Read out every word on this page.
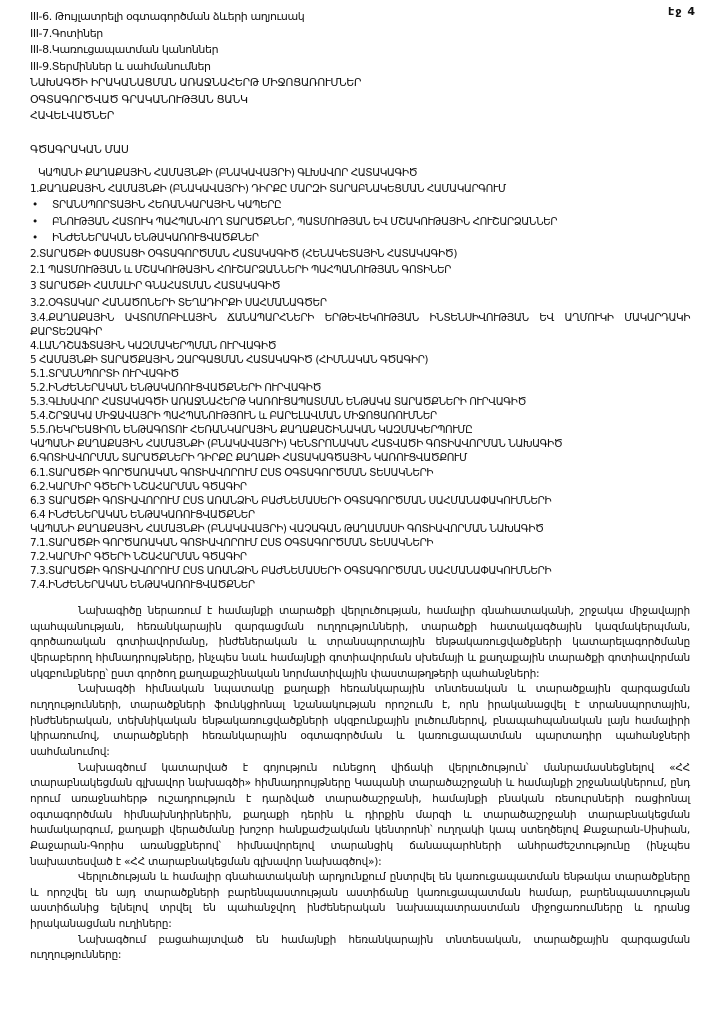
էջ 4
III-6. Թույլատրելի օգտագործման ձևերի աղյուսակ
III-7.Գոտիներ
III-8.Կառուցապատման կանոններ
III-9.Տերմիններ և սահմանումներ
ՆԱԽԱԳԾԻ ԻՐԱԿԱՆԱՑՄԱՆ ԱՌԱՋՆԱՀԵՐԹ ՄԻՋՈՑԱՌՈՒՄՆԵՐ
ՕԳՏԱԳՈՐԾՎԱԾ ԳՐԱԿԱՆՈՒԹՅԱՆ ՑԱՆԿ
ՀԱՎԵԼՎԱԾՆԵՐ
ԳԾԱԳՐԱԿԱՆ ՄԱՍ
ԿԱՊԱՆԻ ՔԱՂԱՔԱՅԻՆ ՀԱՄԱՅՆՔԻ (ԲՆԱԿԱՎԱՅՐԻ) ԳԼԽԱՎՈՐ ՀԱՏԱԿԱԳԻԾ
1.ՔԱՂԱՔԱՅԻՆ ՀԱՄԱՅՆՔԻ (ԲՆԱԿԱՎԱՅՐԻ) ԴԻՐՔԸ ՄԱՐԶԻ ՏԱՐԱԲՆԱԿԵՑՄԱՆ ՀԱՄԱԿԱՐԳՈՒՄ
• ՏՐԱՆՍՊՈՐՏԱՅԻՆ ՀԵՌԱՆԿԱՐԱՅԻՆ ԿԱՊԵՐԸ
• ԲՆՈՒԹՅԱՆ ՀԱՏՈՒԿ ՊԱՀՊԱՆՎՈՂ ՏԱՐԱԾՔՆԵՐ, ՊԱՏՄՈՒԹՅԱՆ ԵՎ ՄՇԱԿՈՒԹԱՅԻՆ ՀՈՒՇԱՐՁԱՆՆԵՐ
• ԻՆԺԵՆԵՐԱԿԱՆ ԵՆԹԱԿԱՌՈՒՑՎԱԾՔՆԵՐ
2.ՏԱՐԱԾՔԻ ՓԱՍՏԱՑԻ ՕԳՏԱԳՈՐԾՄԱՆ ՀԱՏԱԿԱԳԻԾ (ՀԵՆԱԿԵՏԱՅԻՆ ՀԱՏԱԿԱԳԻԾ)
2.1 ՊԱՏՄՈՒԹՅԱՆ և ՄՇԱԿՈՒԹԱՅԻՆ ՀՈՒՇԱՐՁԱՆՆԵՐԻ ՊԱՀՊԱՆՈՒԹՅԱՆ ԳՈՏԻՆԵՐ
3 ՏԱՐԱԾՔԻ ՀԱՄԱԼԻՐ ԳՆԱՀԱՏՄԱՆ ՀԱՏԱԿԱԳԻԾ
3.2.ՕԳՏԱԿԱՐ ՀԱՆԱԾՈՆԵՐԻ ՏԵՂԱԴԻՐՔԻ ՍԱՀՄԱՆԱԳԾԵՐ
3.4.ՔԱՂԱՔԱՅԻՆ ԱՎՏՈՄՈԲԻԼԱՅԻՆ ՃԱՆԱՊԱՐՀՆԵՐԻ ԵՐԹԵՎԵԿՈՒԹՅԱՆ ԻՆՏԵՆՍԻՎՈՒԹՅԱՆ ԵՎ ԱՂՄՈՒԿԻ ՄԱԿԱՐԴԱԿԻ
ՔԱՐՏԵԶԱԳԻՐ
4.ԼԱՆԴՇԱՖՏԱՅԻՆ ԿԱԶՄԱԿԵՐՊՄԱՆ ՈՒՐՎԱԳԻԾ
5 ՀԱՄԱՅՆՔԻ ՏԱՐԱԾՔԱՅԻՆ ԶԱՐԳԱՑՄԱՆ ՀԱՏԱԿԱԳԻԾ (ՀԻՄՆԱԿԱՆ ԳԾԱԳԻՐ)
5.1.ՏՐԱՆՍՊՈՐՏԻ ՈՒՐՎԱԳԻԾ
5.2.ԻՆԺԵՆԵՐԱԿԱՆ ԵՆԹԱԿԱՌՈՒՑՎԱԾՔՆԵՐԻ ՈՒՐՎԱԳԻԾ
5.3.ԳԼԽԱՎՈՐ ՀԱՏԱԿԱԳԾԻ ԱՌԱՋՆԱՀԵՐԹ ԿԱՌՈՒՑԱՊԱՏՄԱՆ ԵՆԹԱԿԱ ՏԱՐԱԾՔՆԵՐԻ ՈՒՐՎԱԳԻԾ
5.4.ՇՐՋԱԿԱ ՄԻՋԱՎԱՅՐԻ ՊԱՀՊԱՆՈՒԹՅՈՒՆ և ԲԱՐԵԼԱՎՄԱՆ ՄԻՋՈՑԱՌՈՒՄՆԵՐ
5.5.ՌԵԿՐԵԱՑԻՈՆ ԵՆԹԱԳՈՏՈՒ ՀԵՌԱՆԿԱՐԱՅԻՆ ՔԱՂԱՔԱՇԻՆԱԿԱՆ ԿԱԶՄԱԿԵՐՊՈՒՄԸ
ԿԱՊԱՆԻ ՔԱՂԱՔԱՅԻՆ ՀԱՄԱՅՆՔԻ (ԲՆԱԿԱՎԱՅՐԻ) ԿԵՆՏՐՈՆԱԿԱՆ ՀԱՏՎԱԾԻ ԳՈՏԻԱՎՈՐՄԱՆ ՆԱԽԱԳԻԾ
6.ԳՈՏԻԱՎՈՐՄԱՆ ՏԱՐԱԾՔՆԵՐԻ ԴԻՐՔԸ ՔԱՂԱՔԻ ՀԱՏԱԿԱԳԾԱՅԻՆ ԿԱՌՈՒՑՎԱԾՔՈՒՄ
6.1.ՏԱՐԱԾՔԻ ԳՈՐԾԱՌԱԿԱՆ ԳՈՏԻԱՎՈՐՈՒՄ ԸՍՏ ՕԳՏԱԳՈՐԾՄԱՆ ՏԵՍԱԿՆԵՐԻ
6.2.ԿԱՐՄԻՐ ԳԾԵՐԻ ՆՇԱՀԱՐՄԱՆ ԳԾԱԳԻՐ
6.3 ՏԱՐԱԾՔԻ ԳՈՏԻԱՎՈՐՈՒՄ ԸՍՏ ԱՌԱՆՁԻՆ ԲԱԺՆԵՄԱՍԵՐԻ ՕԳՏԱԳՈՐԾՄԱՆ ՍԱՀՄԱՆԱՓԱԿՈՒՄՆԵՐԻ
6.4 ԻՆԺԵՆԵՐԱԿԱՆ ԵՆԹԱԿԱՌՈՒՑՎԱԾՔՆԵՐ
ԿԱՊԱՆԻ ՔԱՂԱՔԱՅԻՆ ՀԱՄԱՅՆՔԻ (ԲՆԱԿԱՎԱՅՐԻ) ՎԱՉԱԳԱՆ ԹԱՂԱՄԱՍԻ ԳՈՏԻԱՎՈՐՄԱՆ ՆԱԽԱԳԻԾ
7.1.ՏԱՐԱԾՔԻ ԳՈՐԾԱՌԱԿԱՆ ԳՈՏԻԱՎՈՐՈՒՄ ԸՍՏ ՕԳՏԱԳՈՐԾՄԱՆ ՏԵՍԱԿՆԵՐԻ
7.2.ԿԱՐՄԻՐ ԳԾԵՐԻ ՆՇԱՀԱՐՄԱՆ ԳԾԱԳԻՐ
7.3.ՏԱՐԱԾՔԻ ԳՈՏԻԱՎՈՐՈՒՄ ԸՍՏ ԱՌԱՆՁԻՆ ԲԱԺՆԵՄԱՍԵՐԻ ՕԳՏԱԳՈՐԾՄԱՆ ՍԱՀՄԱՆԱՓԱԿՈՒՄՆԵՐԻ
7.4.ԻՆԺԵՆԵՐԱԿԱՆ ԵՆԹԱԿԱՌՈՒՑՎԱԾՔՆԵՐ

Նախագիծը ներառում է համայնքի տարածքի վերլուծության, համալիր գնահատականի, շրջակա միջավայրի պահպանության, հեռանկարային զարգացման ուղղությունների, տարածքի հատակագծային կազմակերպման, գործառական գոտիավորմանը, ինժեներական և տրանսպորտային ենթակառուցվածքների կատարելագործմանը վերաբերող հիմնադրույթները, ինչպես նաև համայնքի գոտիավորման սխեմայի և քաղաքային տարածքի գոտիավորման սկզբունքները՝ ըստ գործող քաղաքաշինական նորմատիվային փաստաթղթերի պահանջների:

Նախագծի հիմնական նպատակը քաղաքի հեռանկարային տնտեսական և տարածքային զարգացման ուղղությունների, տարածքների ֆունկցիոնալ նշանակության որոշումն է, որն իրականացվել է տրանսպորտային, ինժեներական, տեխնիկական ենթակառուցվածքների սկզբունքային լուծումներով, բնապահպանական լայն համալիրի կիրառումով, տարածքների հեռանկարային օգտագործման և կառուցապատման պարտադիր պահանջների սահմանումով:

Նախագծում կատարված է գոյություն ունեցող վիճակի վերլուծություն՝ մանրամասնեցնելով «ՀՀ տարաբնակեցման գլխավոր նախագծի» հիմնադրույթները Կապանի տարածաշրջանի և համայնքի շրջանակներում, ընդ որում առաջնահերթ ուշադրություն է դարձված տարածաշրջանի, համայնքի բնական ռեսուրսների ռացիոնալ օգտագործման հիմնախնդիրներին, քաղաքի դերին և դիրքին մարզի և տարածաշրջանի տարաբնակեցման համակարգում, քաղաքի վերածմանը խոշոր հանքաժշակման կենտրոնի՝ ուղղակի կապ ստեղծելով Քաջարան-Սիսիան, Քաջարան-Գորիս առանցքներով՝ հիմնավորելով տարանցիկ ճանապարհների անհրաժեշտությունը (ինչպես նախատեսված է «ՀՀ տարաբնակեցման գլխավոր նախագծով»):

Վերլուծության և համալիր գնահատականի արդյունքում ընտրվել են կառուցապատման ենթակա տարածքները և որոշվել են այդ տարածքների բարենպաստության աստիճանը կառուցապատման համար, բարենպաստության աստիճանից ելնելով տրվել են պահանջվող ինժեներական նախապատրաստման միջոցառումները և դրանց իրականացման ուղիները:

Նախագծում բացահայտված են համայնքի հեռանկարային տնտեսական, տարածքային զարգացման ուղղությունները:
